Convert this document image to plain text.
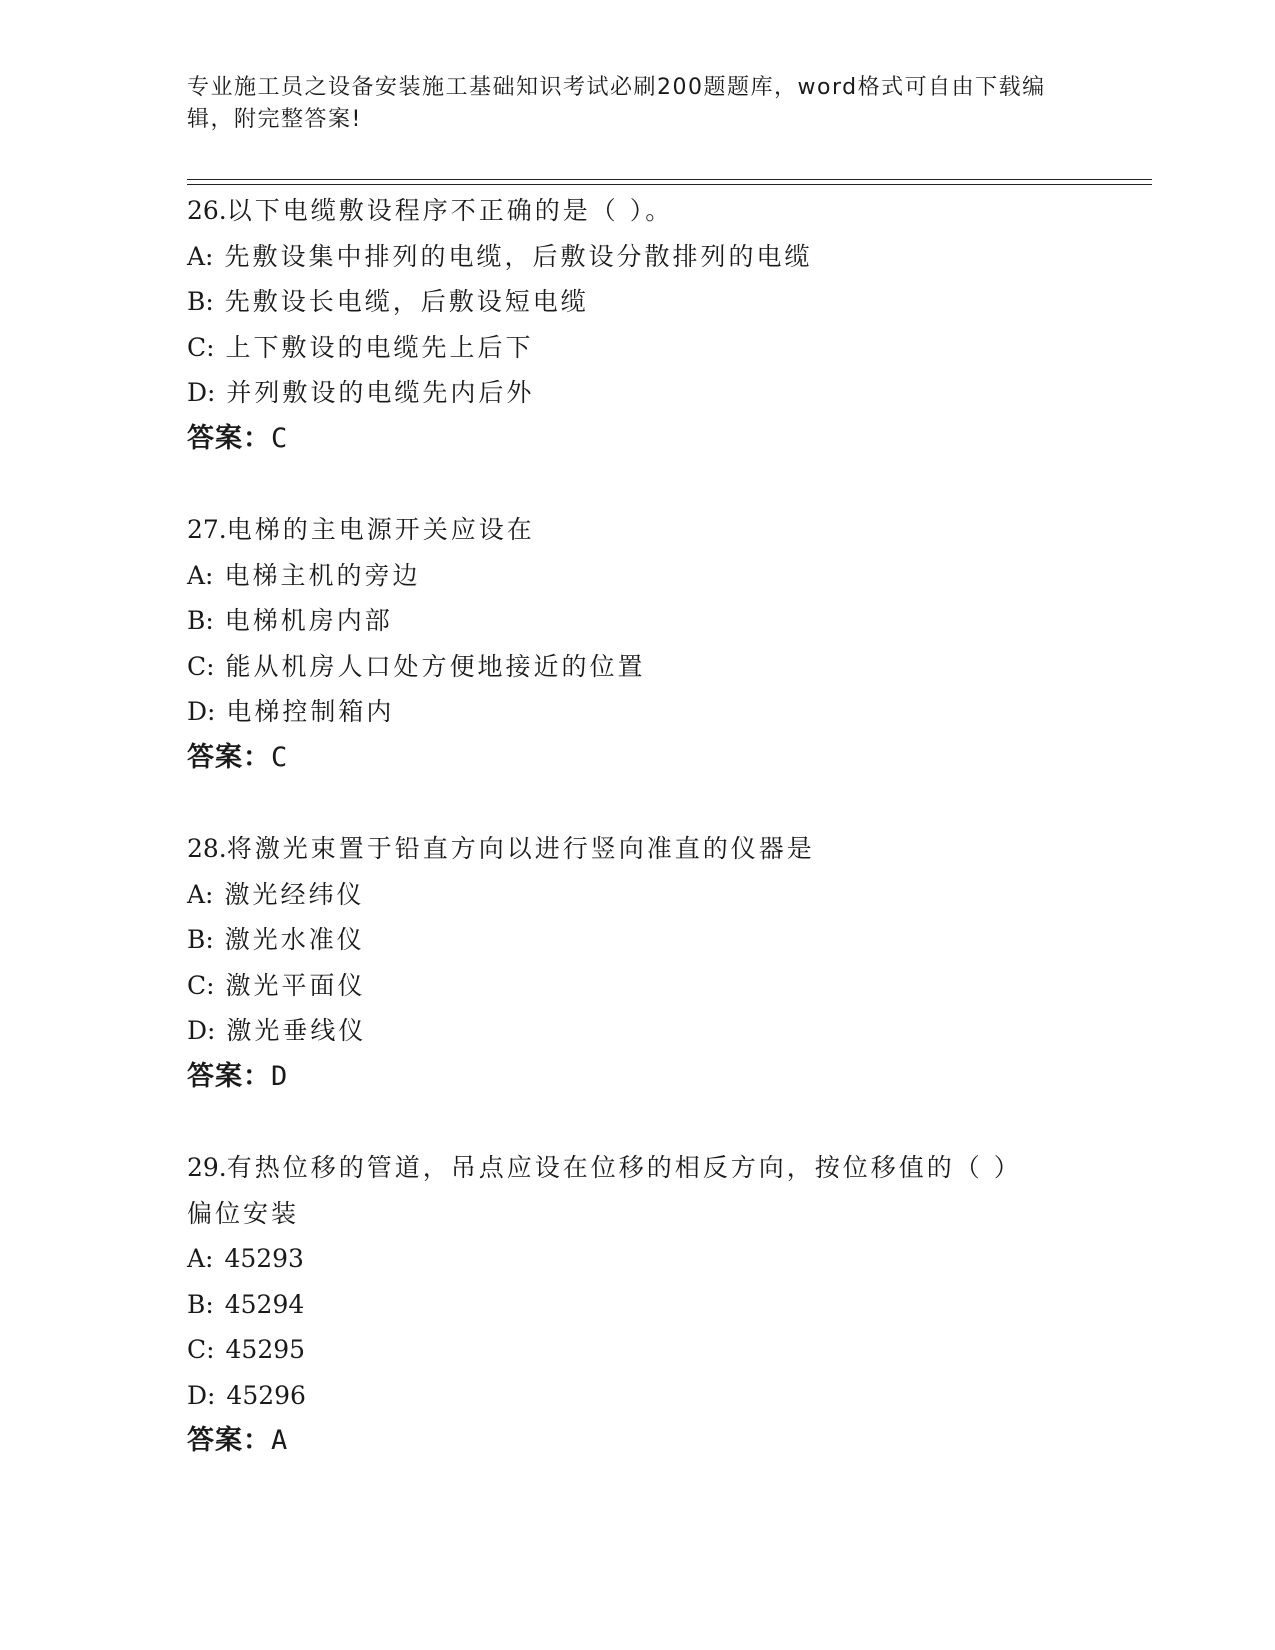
专业施工员之设备安装施工基础知识考试必刷200题题库，word格式可自由下载编辑，附完整答案!
26.以下电缆敷设程序不正确的是（ ）。
A: 先敷设集中排列的电缆，后敷设分散排列的电缆
B: 先敷设长电缆，后敷设短电缆
C: 上下敷设的电缆先上后下
D: 并列敷设的电缆先内后外
答案：C
27.电梯的主电源开关应设在
A: 电梯主机的旁边
B: 电梯机房内部
C: 能从机房人口处方便地接近的位置
D: 电梯控制箱内
答案：C
28.将激光束置于铅直方向以进行竖向准直的仪器是
A: 激光经纬仪
B: 激光水准仪
C: 激光平面仪
D: 激光垂线仪
答案：D
29.有热位移的管道，吊点应设在位移的相反方向，按位移值的（ ）
偏位安装
A: 45293
B: 45294
C: 45295
D: 45296
答案：A
